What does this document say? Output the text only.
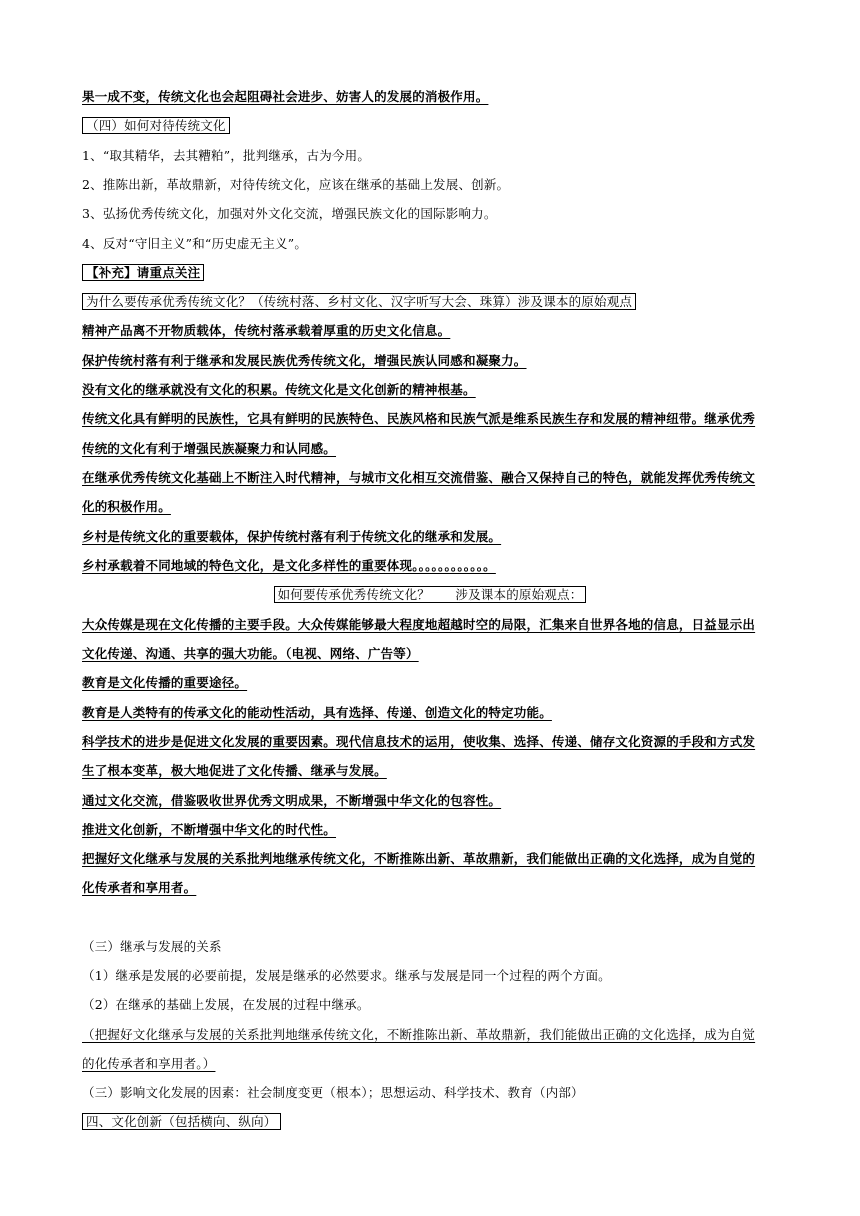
果一成不变，传统文化也会起阻碍社会进步、妨害人的发展的消极作用。
（四）如何对待传统文化
1、“取其精华，去其糟粕”，批判继承，古为今用。
2、推陈出新，革故鼎新，对待传统文化，应该在继承的基础上发展、创新。
3、弘扬优秀传统文化，加强对外文化交流，增强民族文化的国际影响力。
4、反对“守旧主义”和“历史虚无主义”。
【补充】请重点关注
为什么要传承优秀传统文化？（传统村落、乡村文化、汉字听写大会、珠算）涉及课本的原始观点
精神产品离不开物质载体，传统村落承载着厚重的历史文化信息。
保护传统村落有利于继承和发展民族优秀传统文化，增强民族认同感和凝聚力。
没有文化的继承就没有文化的积累。传统文化是文化创新的精神根基。
传统文化具有鲜明的民族性，它具有鲜明的民族特色、民族风格和民族气派是维系民族生存和发展的精神纽带。继承优秀
传统的文化有利于增强民族凝聚力和认同感。
在继承优秀传统文化基础上不断注入时代精神，与城市文化相互交流借鉴、融合又保持自己的特色，就能发挥优秀传统文
化的积极作用。
乡村是传统文化的重要载体，保护传统村落有利于传统文化的继承和发展。
乡村承载着不同地域的特色文化，是文化多样性的重要体现。。。。。。。。。。。。
如何要传承优秀传统文化？　　涉及课本的原始观点：
大众传媒是现在文化传播的主要手段。大众传媒能够最大程度地超越时空的局限，汇集来自世界各地的信息，日益显示出
文化传递、沟通、共享的强大功能。（电视、网络、广告等）
教育是文化传播的重要途径。
教育是人类特有的传承文化的能动性活动，具有选择、传递、创造文化的特定功能。
科学技术的进步是促进文化发展的重要因素。现代信息技术的运用，使收集、选择、传递、储存文化资源的手段和方式发
生了根本变革，极大地促进了文化传播、继承与发展。
通过文化交流，借鉴吸收世界优秀文明成果，不断增强中华文化的包容性。
推进文化创新，不断增强中华文化的时代性。
把握好文化继承与发展的关系批判地继承传统文化，不断推陈出新、革故鼎新，我们能做出正确的文化选择，成为自觉的
化传承者和享用者。
（三）继承与发展的关系
（1）继承是发展的必要前提，发展是继承的必然要求。继承与发展是同一个过程的两个方面。
（2）在继承的基础上发展，在发展的过程中继承。
（把握好文化继承与发展的关系批判地继承传统文化，不断推陈出新、革故鼎新，我们能做出正确的文化选择，成为自觉
的化传承者和享用者。）
（三）影响文化发展的因素：社会制度变更（根本）；思想运动、科学技术、教育（内部）
四、文化创新（包括横向、纵向）
